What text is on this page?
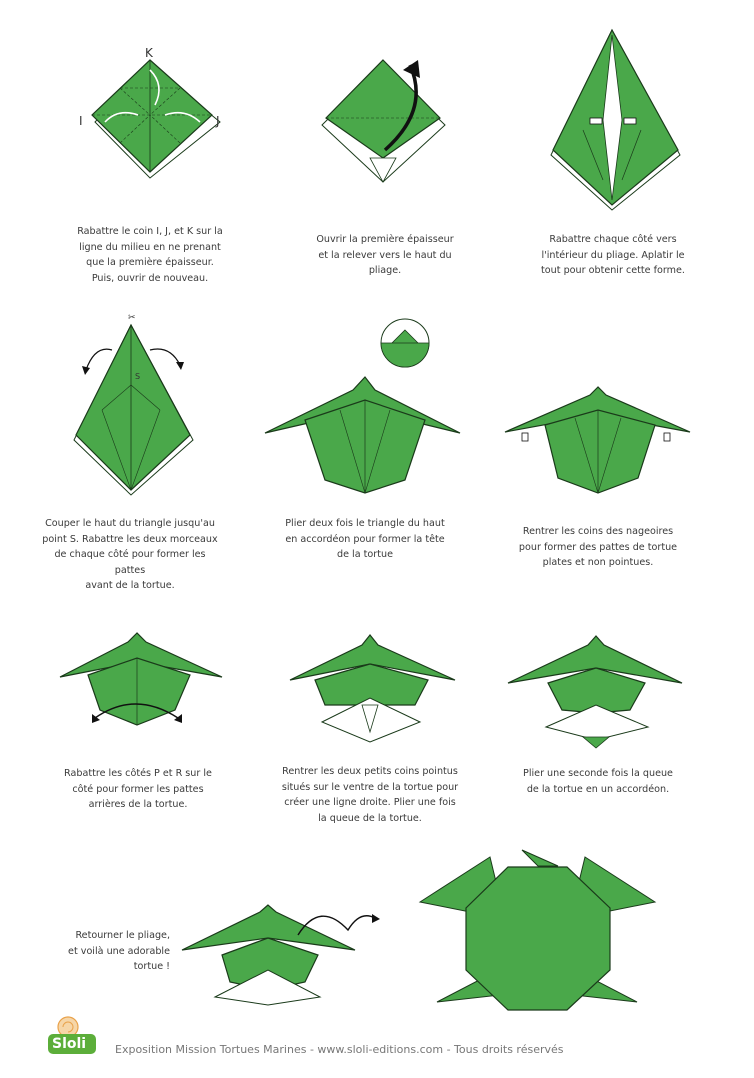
K
I	J
Rabattre le coin I, J, et K sur la
ligne du milieu en ne prenant
que la première épaisseur.
Puis, ouvrir de nouveau.
Ouvrir la première épaisseur
et la relever vers le haut du
pliage.
Rabattre chaque côté vers
l'intérieur du pliage. Aplatir le
tout pour obtenir cette forme.
✂
S
Couper le haut du triangle jusqu'au
point S. Rabattre les deux morceaux
de chaque côté pour former les pattes
avant de la tortue.
Plier deux fois le triangle du haut
en accordéon pour former la tête
de la tortue
Rentrer les coins des nageoires
pour former des pattes de tortue
plates et non pointues.
Rabattre les côtés P et R sur le
côté pour former les pattes
arrières de la tortue.
Rentrer les deux petits coins pointus
situés sur le ventre de la tortue pour
créer une ligne droite. Plier une fois
la queue de la tortue.
Plier une seconde fois la queue
de la tortue en un accordéon.
Retourner le pliage,
et voilà une adorable
tortue !
Sloli	Exposition Mission Tortues Marines - www.sloli-editions.com - Tous droits réservés
